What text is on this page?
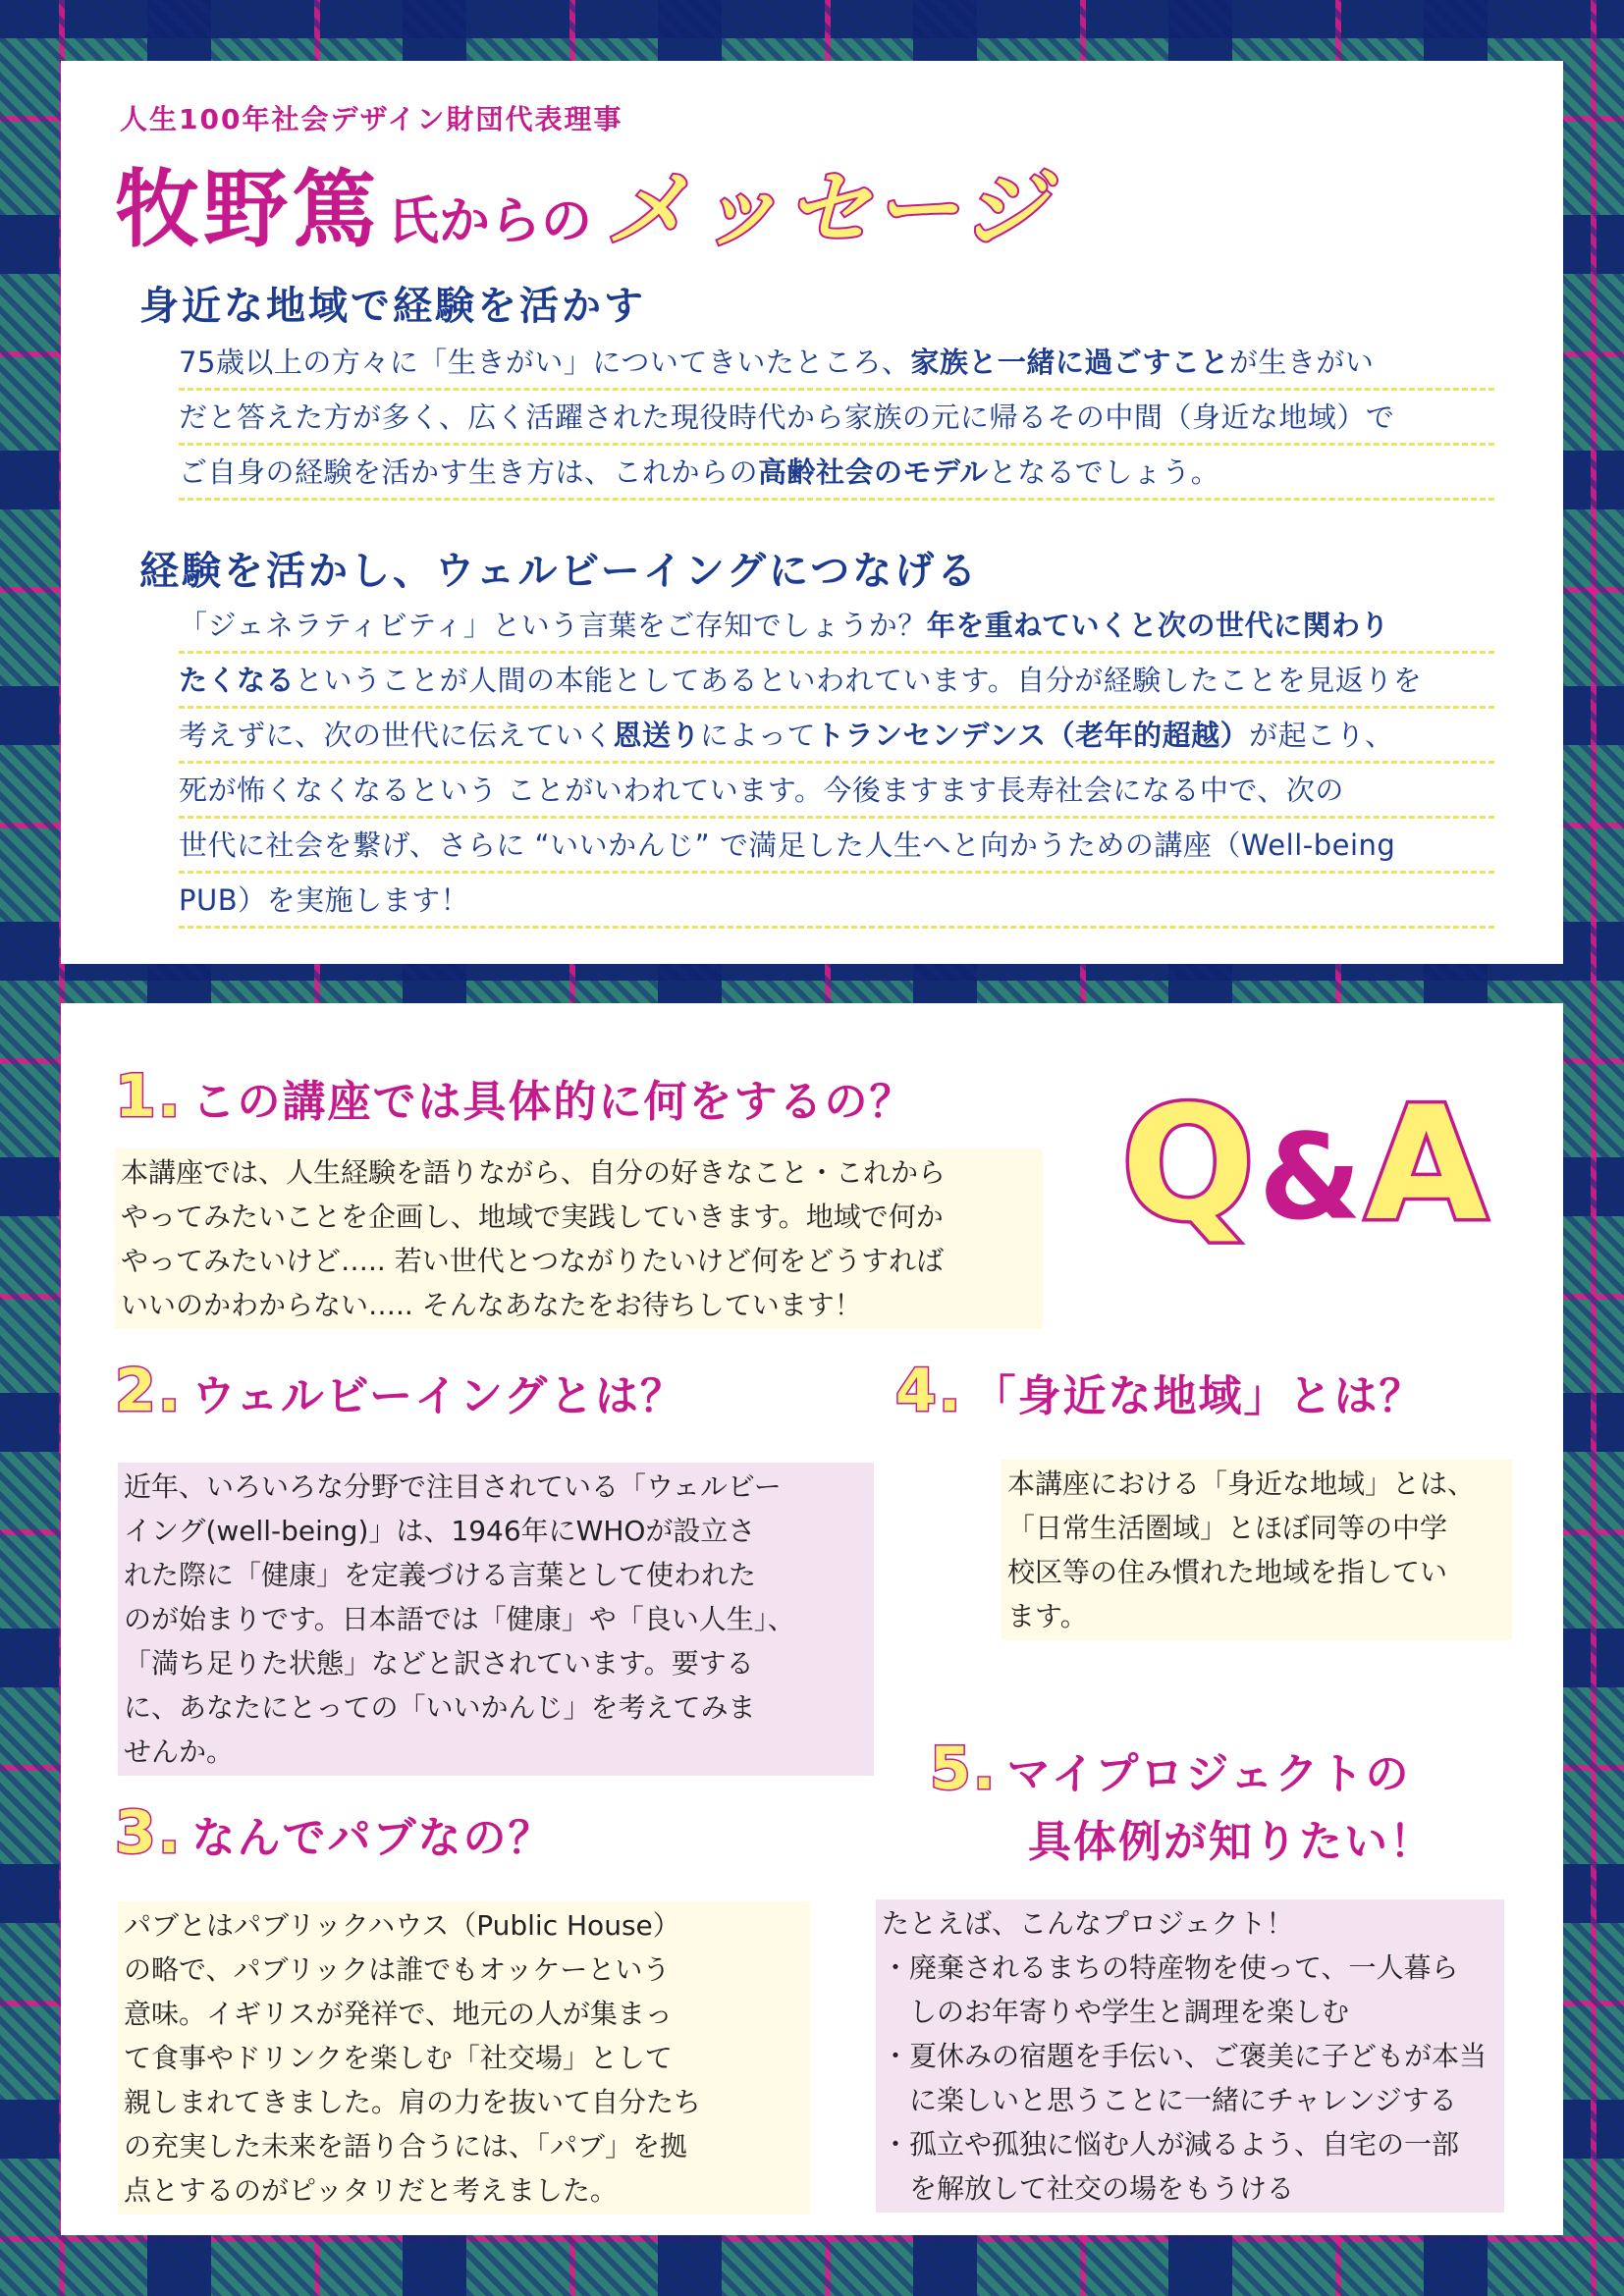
人生100年社会デザイン財団代表理事
牧野篤 氏からの メッセージ
身近な地域で経験を活かす
75歳以上の方々に「生きがい」についてきいたところ、家族と一緒に過ごすことが生きがい
だと答えた方が多く、広く活躍された現役時代から家族の元に帰るその中間（身近な地域）で
ご自身の経験を活かす生き方は、これからの高齢社会のモデルとなるでしょう。
経験を活かし、ウェルビーイングにつなげる
「ジェネラティビティ」という言葉をご存知でしょうか？年を重ねていくと次の世代に関わり
たくなるということが人間の本能としてあるといわれています。自分が経験したことを見返りを
考えずに、次の世代に伝えていく恩送りによってトランセンデンス（老年的超越）が起こり、
死が怖くなくなるという ことがいわれています。今後ますます長寿社会になる中で、次の
世代に社会を繋げ、さらに “いいかんじ” で満足した人生へと向かうための講座（Well-being
PUB）を実施します！
Q&A
1. この講座では具体的に何をするの？
本講座では、人生経験を語りながら、自分の好きなこと・これから
やってみたいことを企画し、地域で実践していきます。地域で何か
やってみたいけど….. 若い世代とつながりたいけど何をどうすれば
いいのかわからない….. そんなあなたをお待ちしています！
2. ウェルビーイングとは？
近年、いろいろな分野で注目されている「ウェルビー
イング(well-being)」は、1946年にWHOが設立さ
れた際に「健康」を定義づける言葉として使われた
のが始まりです。日本語では「健康」や「良い人生」、
「満ち足りた状態」などと訳されています。要する
に、あなたにとっての「いいかんじ」を考えてみま
せんか。
3. なんでパブなの？
パブとはパブリックハウス（Public House）
の略で、パブリックは誰でもオッケーという
意味。イギリスが発祥で、地元の人が集まっ
て食事やドリンクを楽しむ「社交場」として
親しまれてきました。肩の力を抜いて自分たち
の充実した未来を語り合うには、「パブ」を拠
点とするのがピッタリだと考えました。
4. 「身近な地域」とは？
本講座における「身近な地域」とは、
「日常生活圏域」とほぼ同等の中学
校区等の住み慣れた地域を指してい
ます。
5. マイプロジェクトの
具体例が知りたい！
たとえば、こんなプロジェクト！
・廃棄されるまちの特産物を使って、一人暮ら
　しのお年寄りや学生と調理を楽しむ
・夏休みの宿題を手伝い、ご褒美に子どもが本当
　に楽しいと思うことに一緒にチャレンジする
・孤立や孤独に悩む人が減るよう、自宅の一部
　を解放して社交の場をもうける
